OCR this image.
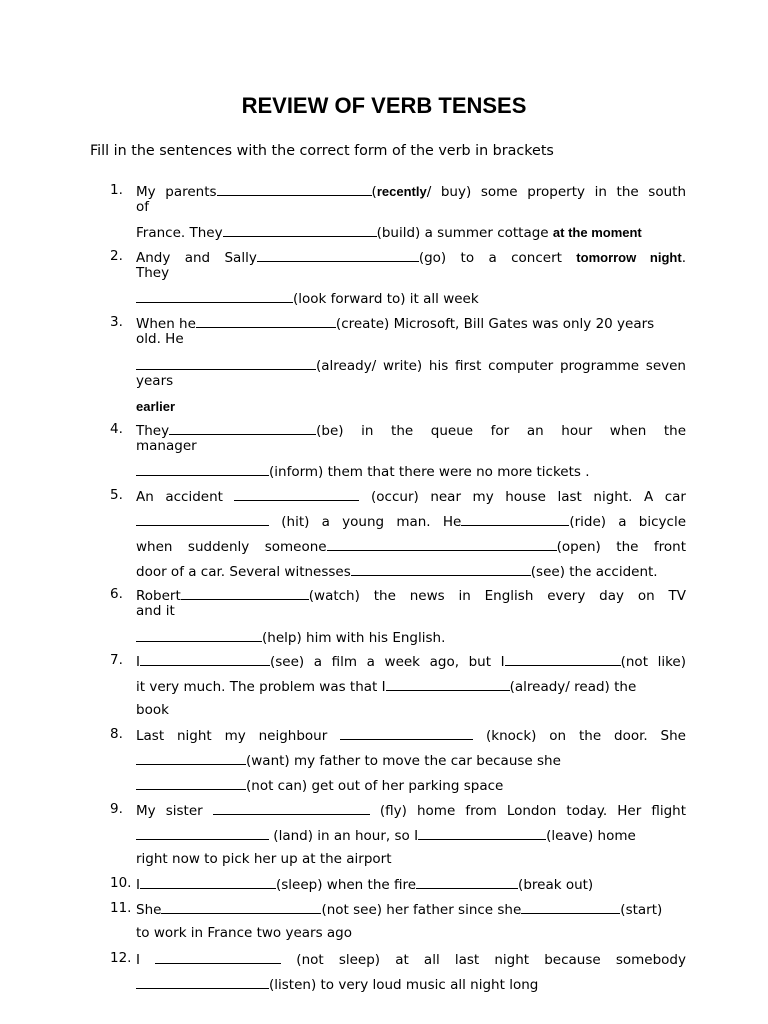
REVIEW OF VERB TENSES
Fill in the sentences with the correct form of the verb in brackets
1. My parents	(recently/ buy) some property in the south
of
France. They	(build) a summer cottage at the moment
2. Andy and Sally	(go) to a concert tomorrow night.
They
(look forward to) it all week
3. When he	(create) Microsoft, Bill Gates was only 20 years
old. He
(already/ write) his first computer programme seven
years
earlier
4. They	(be) in the queue for an hour when the
manager
(inform) them that there were no more tickets .
5. An accident	(occur) near my house last night. A car
(hit) a young man. He	(ride) a bicycle
when suddenly someone	(open) the front
door of a car. Several witnesses	(see) the accident.
6. Robert	(watch) the news in English every day on TV
and it
(help) him with his English.
7. I	(see) a film a week ago, but I	(not like)
it very much. The problem was that I	(already/ read) the
book
8. Last night my neighbour	(knock) on the door. She
(want) my father to move the car because she
(not can) get out of her parking space
9. My sister	(fly) home from London today. Her flight
(land) in an hour, so I	(leave) home
right now to pick her up at the airport
10. I	(sleep) when the fire	(break out)
11. She	(not see) her father since she	(start)
to work in France two years ago
12. I	(not sleep) at all last night because somebody
(listen) to very loud music all night long
